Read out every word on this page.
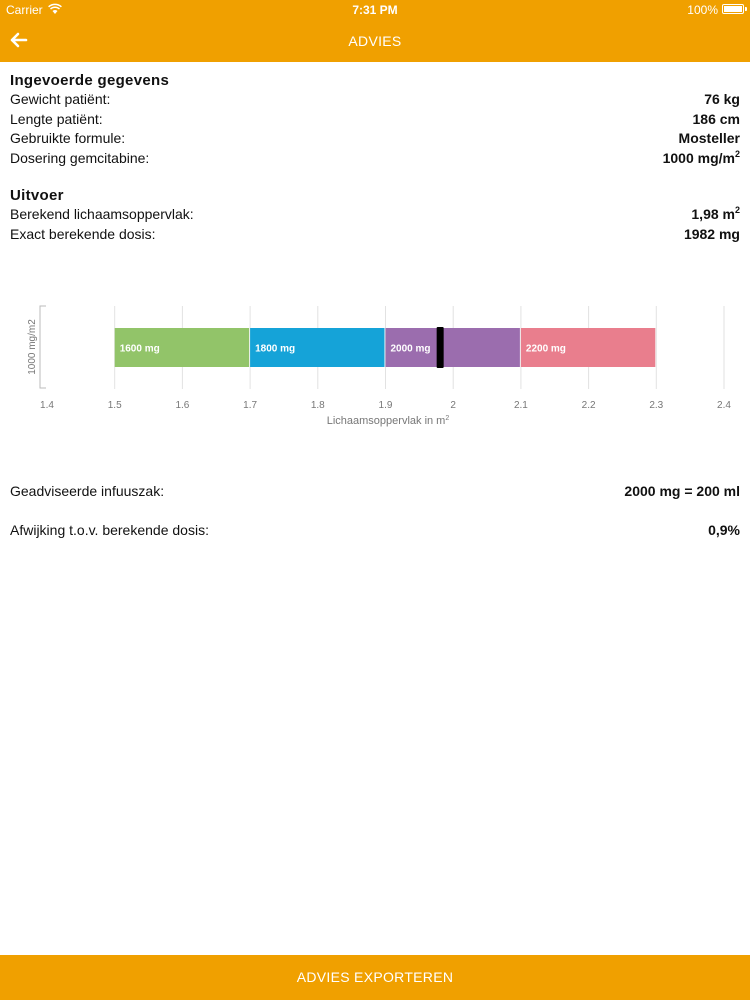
Carrier	7:31 PM	100%
ADVIES
Ingevoerde gegevens
Gewicht patiënt:	76 kg
Lengte patiënt:	186 cm
Gebruikte formule:	Mosteller
Dosering gemcitabine:	1000 $mg/m^2$
Uitvoer
Berekend lichaamsoppervlak:	1,98 $m^2$
Exact berekende dosis:	1982 mg
1600 mg	1800 mg	2000 mg	2200 mg
1.4	1.5	1.6	1.7	1.8	1.9	2	2.1	2.2	2.3	2.4
1000 mg/m2
Lichaamsoppervlak in $m^2$
Geadviseerde infuuszak:	2000 mg = 200 ml
Afwijking t.o.v. berekende dosis:	0,9%
ADVIES EXPORTEREN
